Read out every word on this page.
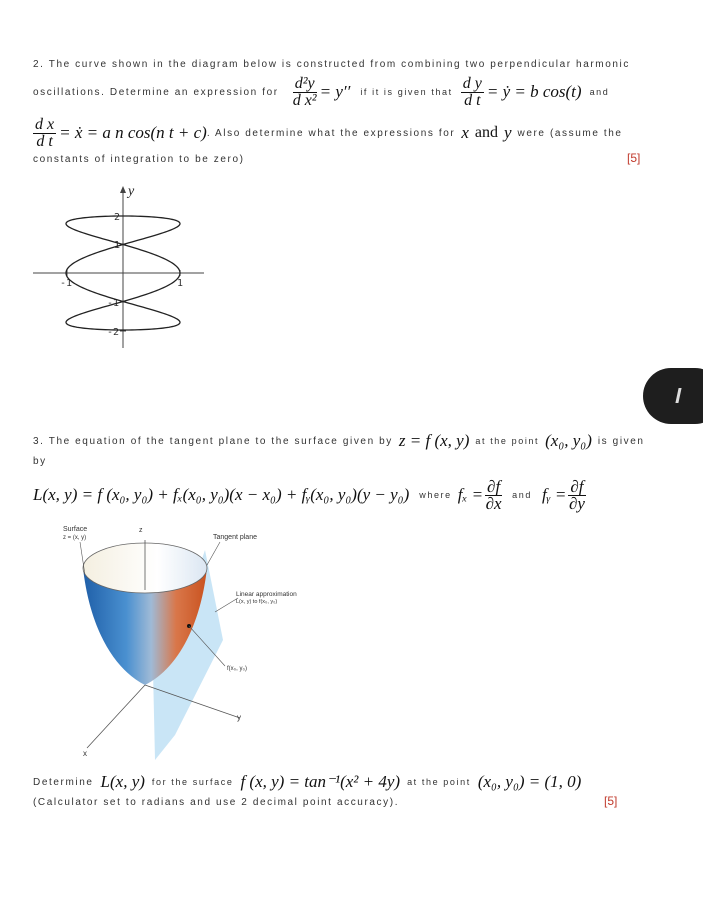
2. The curve shown in the diagram below is constructed from combining two perpendicular harmonic
oscillations. Determine an expression for $\frac{\text{d²y}}{\text{d x²}} = y''$ if it is given that $\frac{\text{d y}}{\text{d t}}$ = ẏ = b cos(t) and
$\frac{\text{d x}}{\text{d t}}$ = ẋ = a n cos(n t + c) . Also determine what the expressions for x and y were (assume the
constants of integration to be zero)	[5]
y
2
1
-1
-2
-1	1
3. The equation of the tangent plane to the surface given by z = f (x, y) at the point (x₀, y₀) is given
by
L(x, y) = f (x₀, y₀) + fₓ(x₀, y₀)(x − x₀) + fᵧ(x₀, y₀)(y − y₀) where $f_x = \frac{\partial f}{\partial x}$ and fᵧ = $\frac{\partial f}{\partial y}$
z
y
x
Surface
z = (x, y)	Tangent plane
Linear approximation
L(x, y) to f(x₀, y₀)
f(x₀, y₀)
Determine L(x, y) for the surface f (x, y) = tan⁻¹(x² + 4y) at the point (x₀, y₀) = (1, 0)
(Calculator set to radians and use 2 decimal point accuracy).	[5]
